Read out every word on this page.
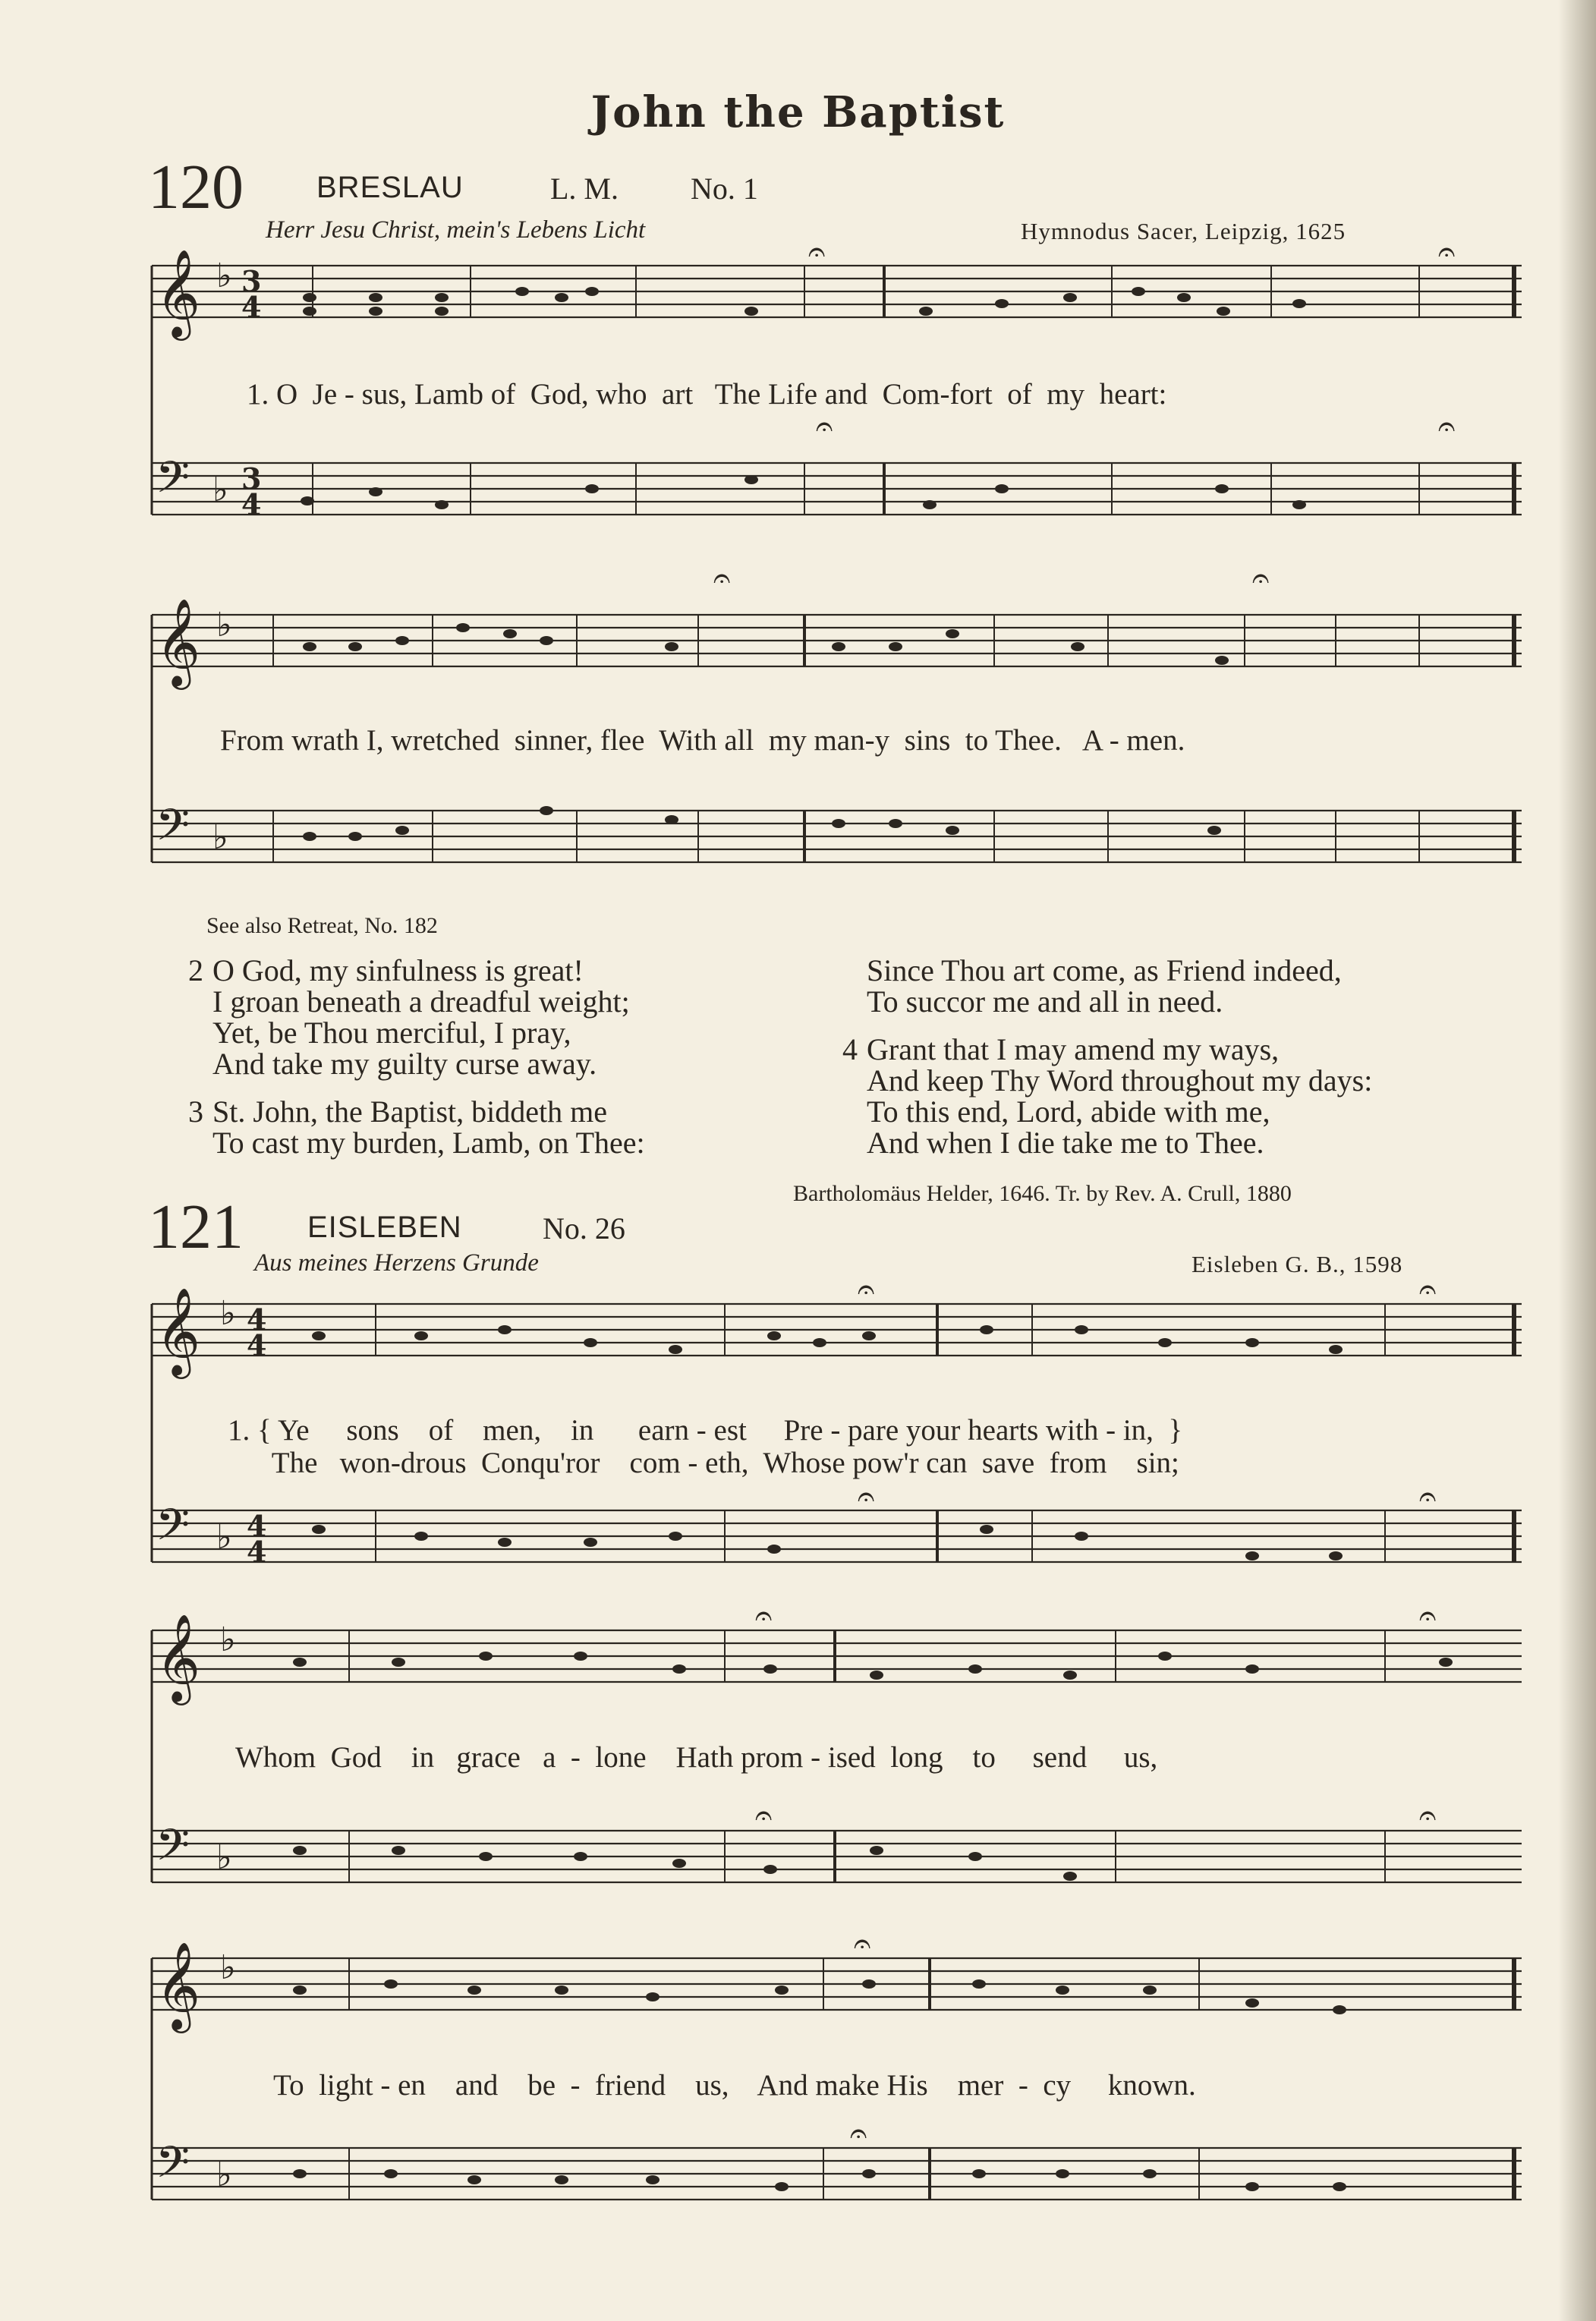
John the Baptist
120 BRESLAU	L. M. No. 1
Herr Jesu Christ, mein's Lebens Licht	Hymnodus Sacer, Leipzig, 1625
𝄞
𝄢
𝄞
𝄢
♭
♭
♭
♭
3
4
3
4
𝄐	𝄐
𝄐	𝄐
𝄐	𝄐
1. O  Je - sus, Lamb of  God, who  art   The Life and  Com-fort  of  my  heart:
From wrath I, wretched  sinner, flee  With all  my man-y  sins  to Thee.   A - men.
See also Retreat, No. 182
2 O God, my sinfulness is great!
I groan beneath a dreadful weight;
Yet, be Thou merciful, I pray,
And take my guilty curse away.
3 St. John, the Baptist, biddeth me
To cast my burden, Lamb, on Thee:
Since Thou art come, as Friend indeed,
To succor me and all in need.
4 Grant that I may amend my ways,
And keep Thy Word throughout my days:
To this end, Lord, abide with me,
And when I die take me to Thee.
Bartholomäus Helder, 1646. Tr. by Rev. A. Crull, 1880
121 EISLEBEN	No. 26
Aus meines Herzens Grunde	Eisleben G. B., 1598
𝄞
𝄢
𝄞
𝄢
𝄞
𝄢
♭
♭
♭
♭
♭
♭
4
4
4
4
𝄐	𝄐
𝄐	𝄐
𝄐	𝄐
𝄐	𝄐
𝄐
𝄐
1. { Ye     sons    of    men,    in      earn - est     Pre - pare your hearts with - in,  }
The   won-drous  Conqu'ror    com - eth,  Whose pow'r can  save  from    sin;
Whom  God    in   grace   a  -  lone    Hath prom - ised  long    to     send     us,
To  light - en    and    be  -  friend    us,    And make His    mer  -  cy     known.
